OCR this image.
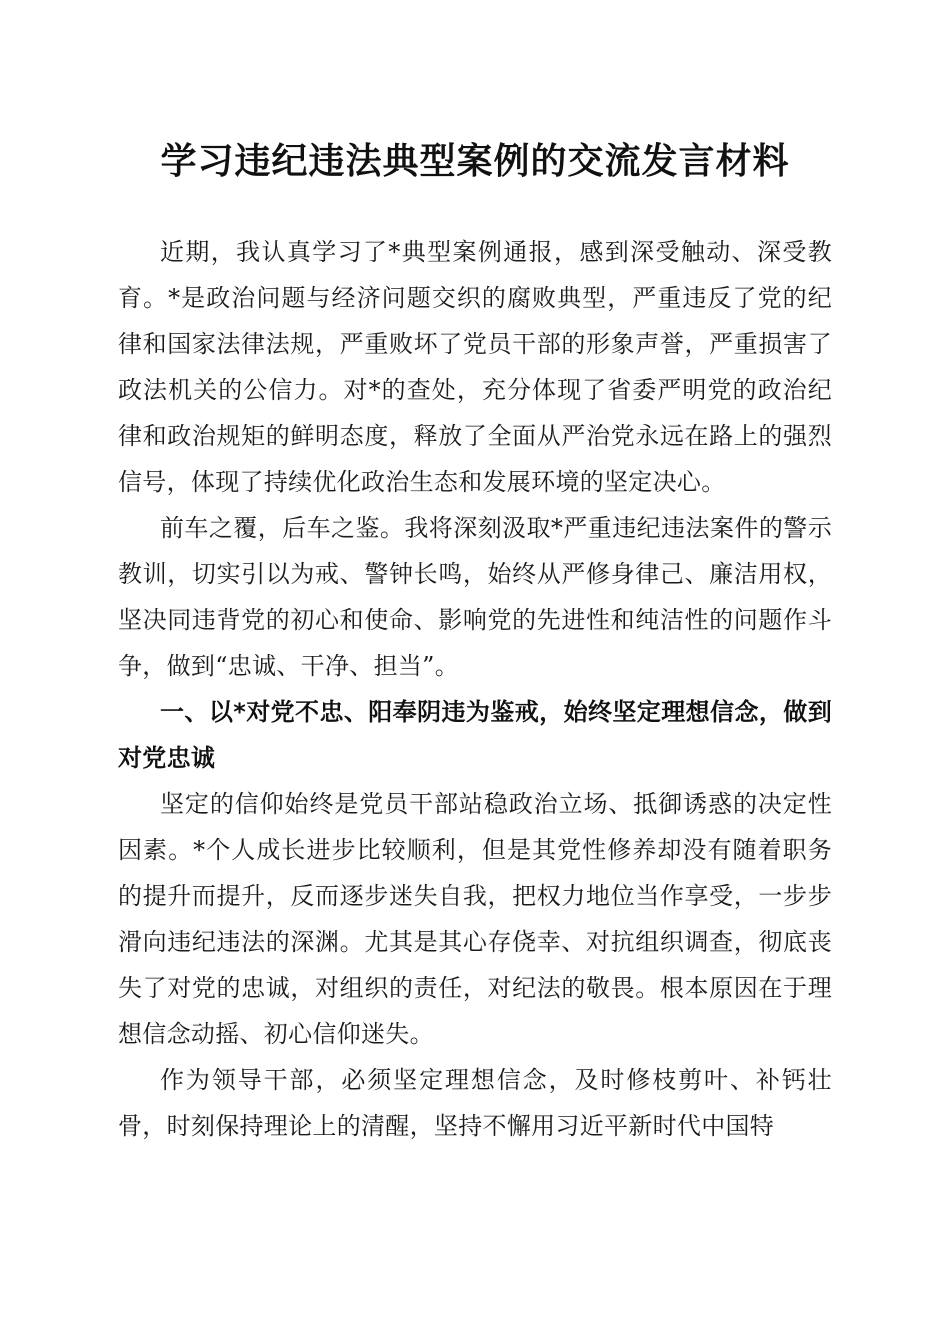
学习违纪违法典型案例的交流发言材料

近期，我认真学习了*典型案例通报，感到深受触动、深受教育。*是政治问题与经济问题交织的腐败典型，严重违反了党的纪律和国家法律法规，严重败坏了党员干部的形象声誉，严重损害了政法机关的公信力。对*的查处，充分体现了省委严明党的政治纪律和政治规矩的鲜明态度，释放了全面从严治党永远在路上的强烈信号，体现了持续优化政治生态和发展环境的坚定决心。

前车之覆，后车之鉴。我将深刻汲取*严重违纪违法案件的警示教训，切实引以为戒、警钟长鸣，始终从严修身律己、廉洁用权，坚决同违背党的初心和使命、影响党的先进性和纯洁性的问题作斗争，做到“忠诚、干净、担当”。

一、以*对党不忠、阳奉阴违为鉴戒，始终坚定理想信念，做到对党忠诚

坚定的信仰始终是党员干部站稳政治立场、抵御诱惑的决定性因素。*个人成长进步比较顺利，但是其党性修养却没有随着职务的提升而提升，反而逐步迷失自我，把权力地位当作享受，一步步滑向违纪违法的深渊。尤其是其心存侥幸、对抗组织调查，彻底丧失了对党的忠诚，对组织的责任，对纪法的敬畏。根本原因在于理想信念动摇、初心信仰迷失。

作为领导干部，必须坚定理想信念，及时修枝剪叶、补钙壮骨，时刻保持理论上的清醒，坚持不懈用习近平新时代中国特
